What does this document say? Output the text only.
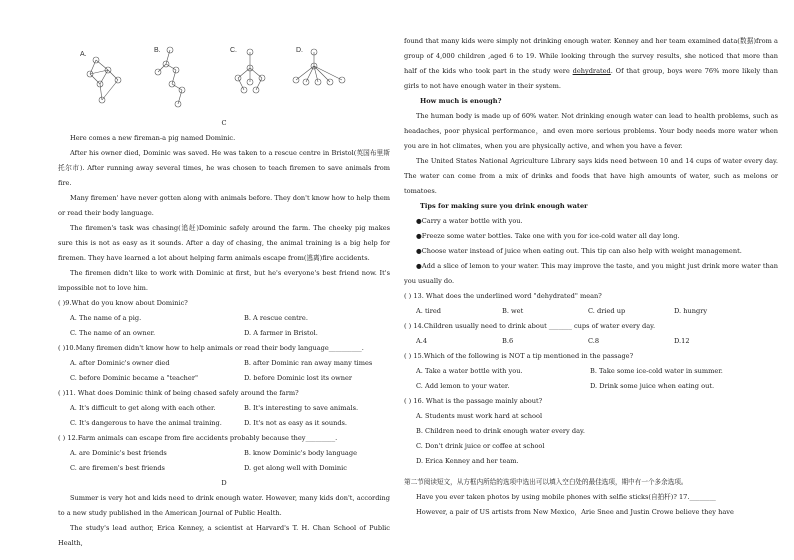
A.
B.	C.	D.

C

Here comes a new fireman-a pig named Dominic.

After his owner died, Dominic was saved. He was taken to a rescue centre in Bristol(英国布里斯托尔市). After running away several times, he was chosen to teach firemen to save animals from fire.

Many firemen' have never gotten along with animals before. They don't know how to help them or read their body language.

The firemen's task was chasing(追赶)Dominic safely around the farm. The cheeky pig makes sure this is not as easy as it sounds. After a day of chasing, the animal training is a big help for firemen. They have learned a lot about helping farm animals escape from(逃离)fire accidents.

The firemen didn't like to work with Dominic at first, but he's everyone's best friend now. It's impossible not to love him.

( )9.What do you know about Dominic?

A. The name of a pig.	B. A rescue centre.
C. The name of an owner.	D. A farmer in Bristol.

( )10.Many firemen didn't know how to help animals or read their body language__________.

A. after Dominic's owner died	B. after Dominic ran away many times
C. before Dominic became a "teacher"	D. before Dominic lost its owner

( )11. What does Dominic think of being chased safely around the farm?

A. It's difficult to get along with each other.	B. It's interesting to save animals.
C. It's dangerous to have the animal training.	D. It's not as easy as it sounds.

( ) 12.Farm animals can escape from fire accidents probably because they_________.

A. are Dominic's best friends	B. know Dominic's body language
C. are firemen's best friends	D. get along well with Dominic

D

Summer is very hot and kids need to drink enough water. However, many kids don't, according to a new study published in the American Journal of Public Health.

The study's lead author, Erica Kenney, a scientist at Harvard's T. H. Chan School of Public Health,

found that many kids were simply not drinking enough water. Kenney and her team examined data(数据)from a group of 4,000 children ,aged 6 to 19. While looking through the survey results, she noticed that more than half of the kids who took part in the study were dehydrated. Of that group, boys were 76% more likely than girls to not have enough water in their system.

How much is enough?

The human body is made up of 60% water. Not drinking enough water can lead to health problems, such as headaches, poor physical performance，and even more serious problems. Your body needs more water when you are in hot climates, when you are physically active, and when you have a fever.

The United States National Agriculture Library says kids need between 10 and 14 cups of water every day. The water can come from a mix of drinks and foods that have high amounts of water, such as melons or tomatoes.

Tips for making sure you drink enough water

●Carry a water bottle with you.

●Freeze some water bottles. Take one with you for ice-cold water all day long.

●Choose water instead of juice when eating out. This tip can also help with weight management.

●Add a slice of lemon to your water. This may improve the taste, and you might just drink more water than you usually do.

( ) 13. What does the underlined word "dehydrated" mean?

A. tired	B. wet	C. dried up	D. hungry

( ) 14.Children usually need to drink about _______ cups of water every day.

A.4	B.6	C.8	D.12

( ) 15.Which of the following is NOT a tip mentioned in the passage?

A. Take a water bottle with you.	B. Take some ice-cold water in summer.
C. Add lemon to your water.	D. Drink some juice when eating out.

( ) 16. What is the passage mainly about?

A. Students must work hard at school

B. Children need to drink enough water every day.

C. Don't drink juice or coffee at school

D. Erica Kenney and her team.

第二节阅读短文，从方框内所给的选项中选出可以填入空白处的最佳选项，期中有一个多余选项。

Have you ever taken photos by using mobile phones with selfie sticks(自拍杆)? 17.________

However, a pair of US artists from New Mexico，Arie Snee and Justin Crowe believe they have
